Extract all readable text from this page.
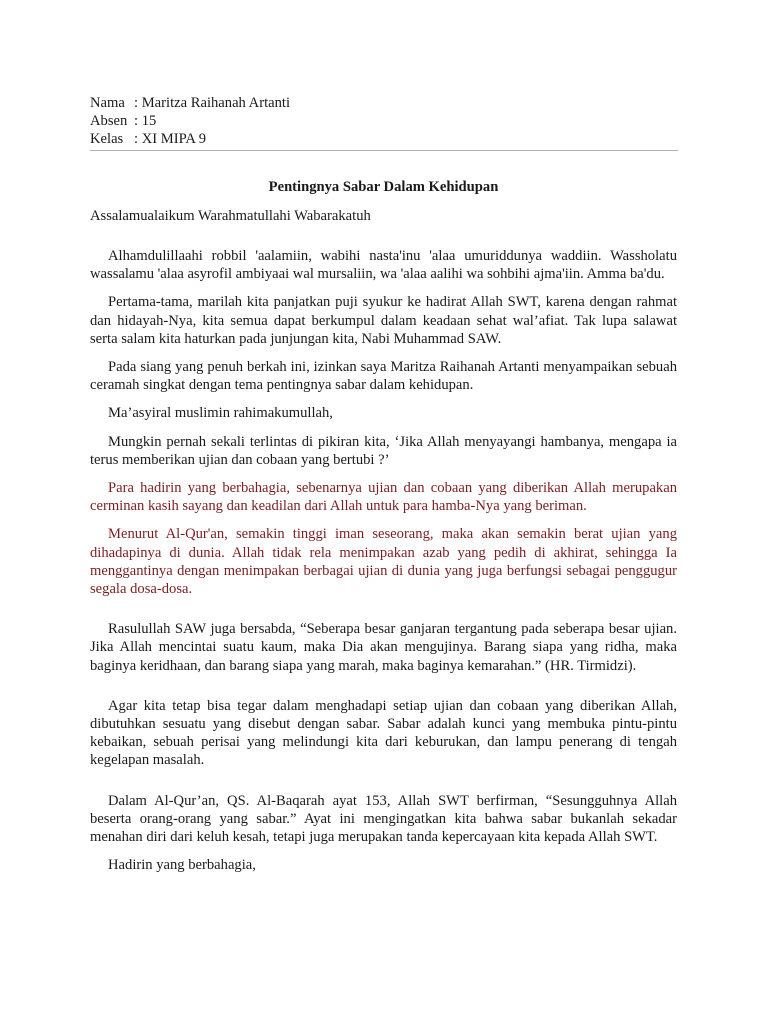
Nama	: Maritza Raihanah Artanti
Absen	: 15
Kelas	: XI MIPA 9
Pentingnya Sabar Dalam Kehidupan
Assalamualaikum Warahmatullahi Wabarakatuh

Alhamdulillaahi robbil 'aalamiin, wabihi nasta'inu 'alaa umuriddunya waddiin. Wassholatu wassalamu 'alaa asyrofil ambiyaai wal mursaliin, wa 'alaa aalihi wa sohbihi ajma'iin. Amma ba'du.

Pertama-tama, marilah kita panjatkan puji syukur ke hadirat Allah SWT, karena dengan rahmat dan hidayah-Nya, kita semua dapat berkumpul dalam keadaan sehat wal’afiat. Tak lupa salawat serta salam kita haturkan pada junjungan kita, Nabi Muhammad SAW.

Pada siang yang penuh berkah ini, izinkan saya Maritza Raihanah Artanti menyampaikan sebuah ceramah singkat dengan tema pentingnya sabar dalam kehidupan.

Ma’asyiral muslimin rahimakumullah,

Mungkin pernah sekali terlintas di pikiran kita, ‘Jika Allah menyayangi hambanya, mengapa ia terus memberikan ujian dan cobaan yang bertubi ?’

Para hadirin yang berbahagia, sebenarnya ujian dan cobaan yang diberikan Allah merupakan cerminan kasih sayang dan keadilan dari Allah untuk para hamba-Nya yang beriman.

Menurut Al-Qur'an, semakin tinggi iman seseorang, maka akan semakin berat ujian yang dihadapinya di dunia. Allah tidak rela menimpakan azab yang pedih di akhirat, sehingga Ia menggantinya dengan menimpakan berbagai ujian di dunia yang juga berfungsi sebagai penggugur segala dosa-dosa.

Rasulullah SAW juga bersabda, “Seberapa besar ganjaran tergantung pada seberapa besar ujian. Jika Allah mencintai suatu kaum, maka Dia akan mengujinya. Barang siapa yang ridha, maka baginya keridhaan, dan barang siapa yang marah, maka baginya kemarahan.” (HR. Tirmidzi).

Agar kita tetap bisa tegar dalam menghadapi setiap ujian dan cobaan yang diberikan Allah, dibutuhkan sesuatu yang disebut dengan sabar. Sabar adalah kunci yang membuka pintu-pintu kebaikan, sebuah perisai yang melindungi kita dari keburukan, dan lampu penerang di tengah kegelapan masalah.

Dalam Al-Qur’an, QS. Al-Baqarah ayat 153, Allah SWT berfirman, “Sesungguhnya Allah beserta orang-orang yang sabar.” Ayat ini mengingatkan kita bahwa sabar bukanlah sekadar menahan diri dari keluh kesah, tetapi juga merupakan tanda kepercayaan kita kepada Allah SWT.

Hadirin yang berbahagia,
